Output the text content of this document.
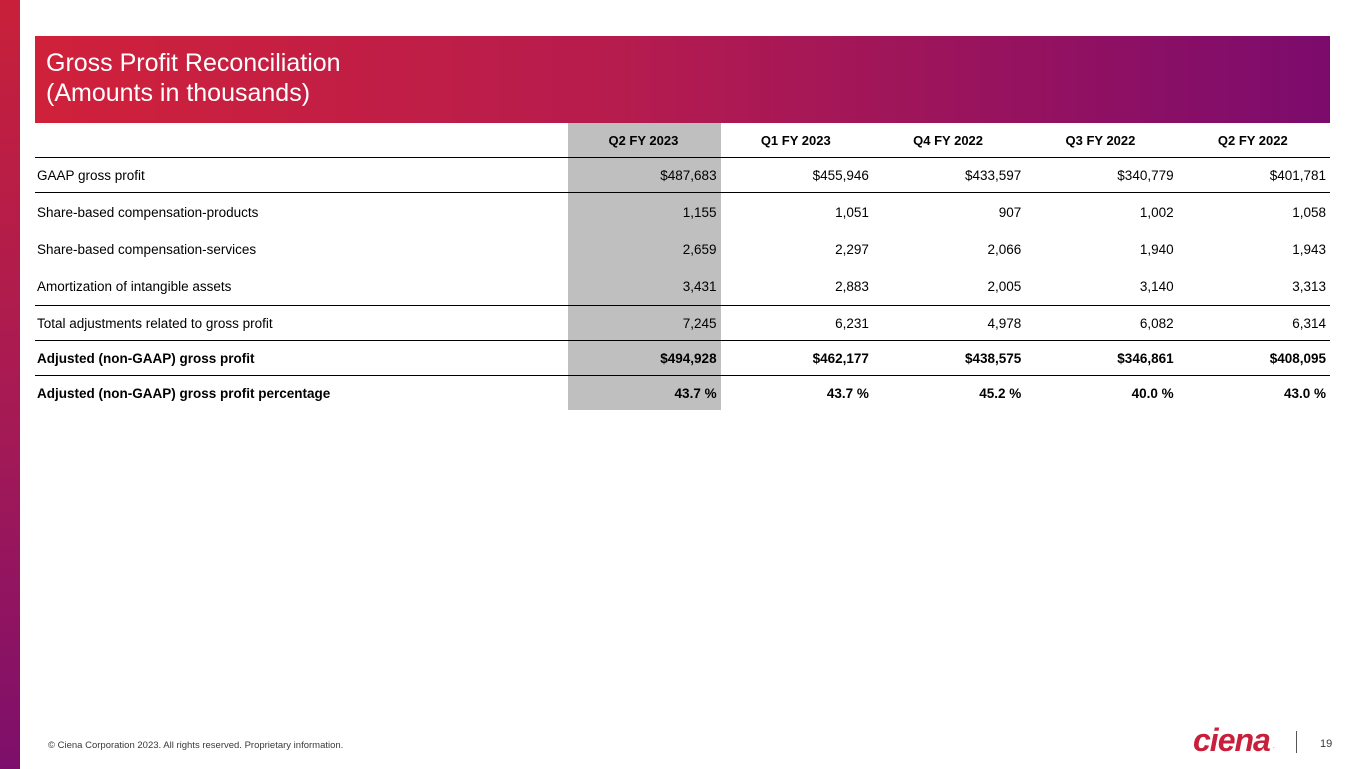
Gross Profit Reconciliation
(Amounts in thousands)
	Q2 FY 2023	Q1 FY 2023	Q4 FY 2022	Q3 FY 2022	Q2 FY 2022
GAAP gross profit	$487,683	$455,946	$433,597	$340,779	$401,781
Share-based compensation-products	1,155	1,051	907	1,002	1,058
Share-based compensation-services	2,659	2,297	2,066	1,940	1,943
Amortization of intangible assets	3,431	2,883	2,005	3,140	3,313
Total adjustments related to gross profit	7,245	6,231	4,978	6,082	6,314
Adjusted (non-GAAP) gross profit	$494,928	$462,177	$438,575	$346,861	$408,095
Adjusted (non-GAAP) gross profit percentage	43.7 %	43.7 %	45.2 %	40.0 %	43.0 %
© Ciena Corporation 2023. All rights reserved. Proprietary information.	ciena .	19
